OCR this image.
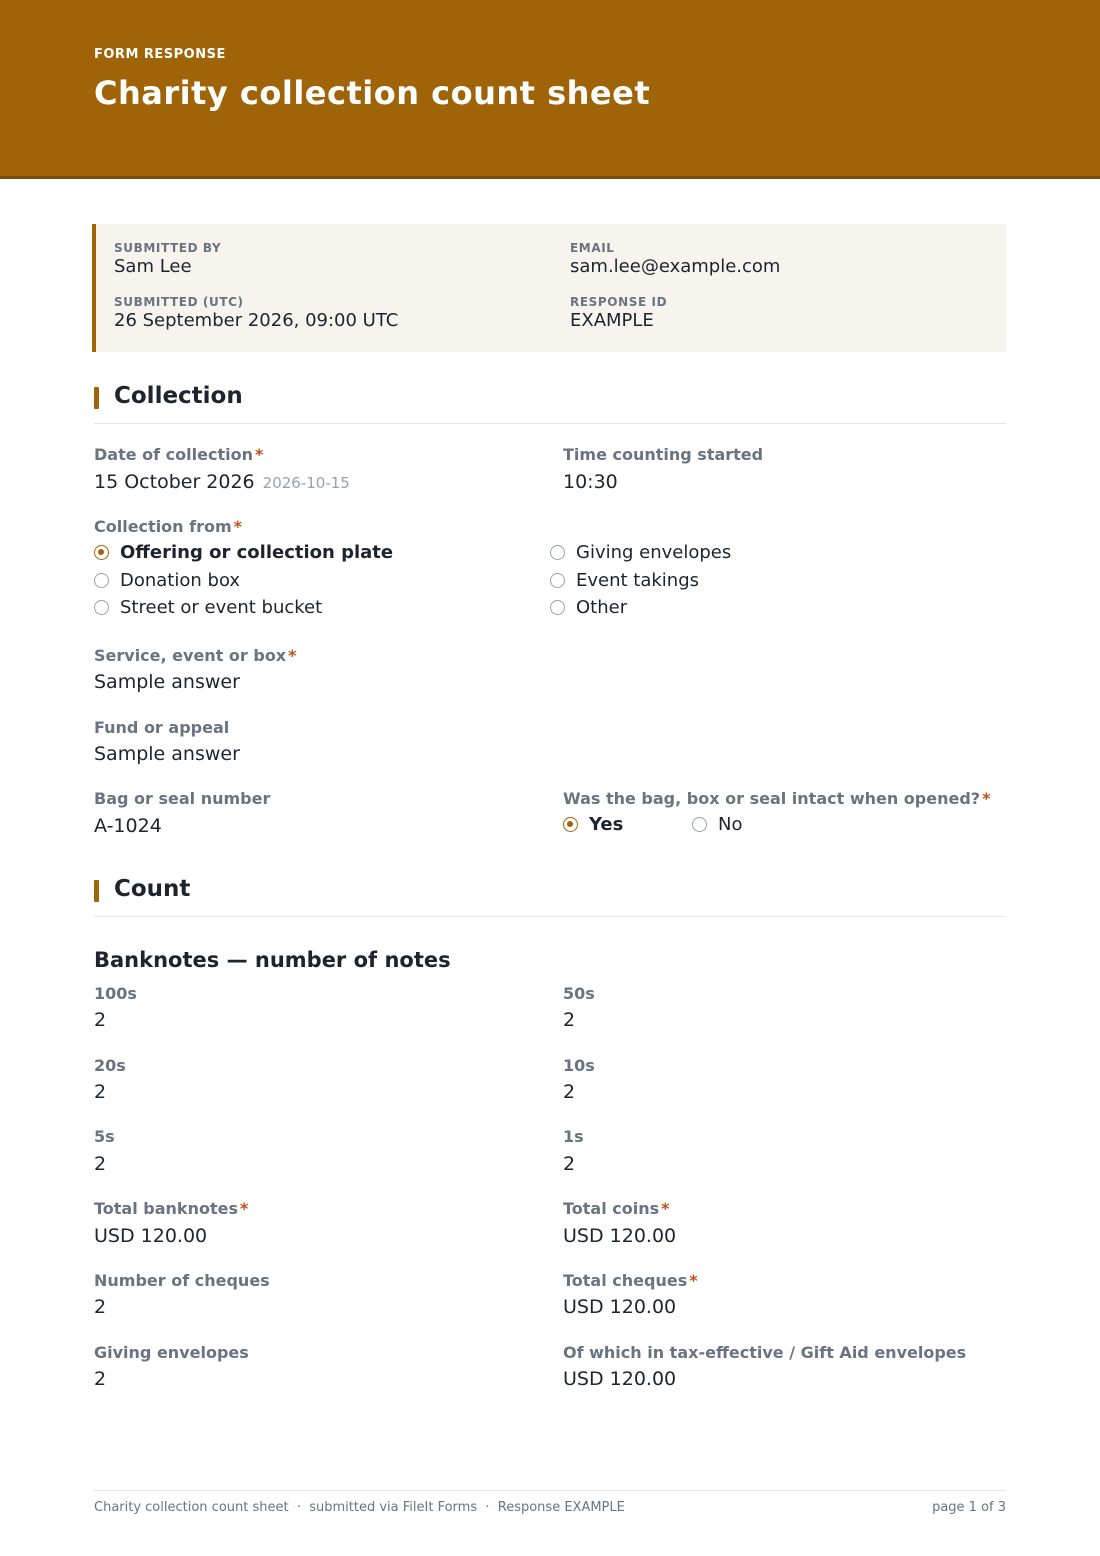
FORM RESPONSE
Charity collection count sheet
SUBMITTED BY
Sam Lee
EMAIL
sam.lee@example.com
SUBMITTED (UTC)
26 September 2026, 09:00 UTC
RESPONSE ID
EXAMPLE
Collection
Date of collection *
15 October 2026 2026-10-15
Time counting started
10:30
Collection from *
Offering or collection plate
Donation box
Street or event bucket
Giving envelopes
Event takings
Other
Service, event or box *
Sample answer
Fund or appeal
Sample answer
Bag or seal number
A-1024
Was the bag, box or seal intact when opened? *
Yes	No
Count
Banknotes — number of notes
100s
2
50s
2
20s
2
10s
2
5s
2
1s
2
Total banknotes *
USD 120.00
Total coins *
USD 120.00
Number of cheques
2
Total cheques *
USD 120.00
Giving envelopes
2
Of which in tax-effective / Gift Aid envelopes
USD 120.00
Charity collection count sheet  ·  submitted via FileIt Forms  ·  Response EXAMPLE	page 1 of 3
